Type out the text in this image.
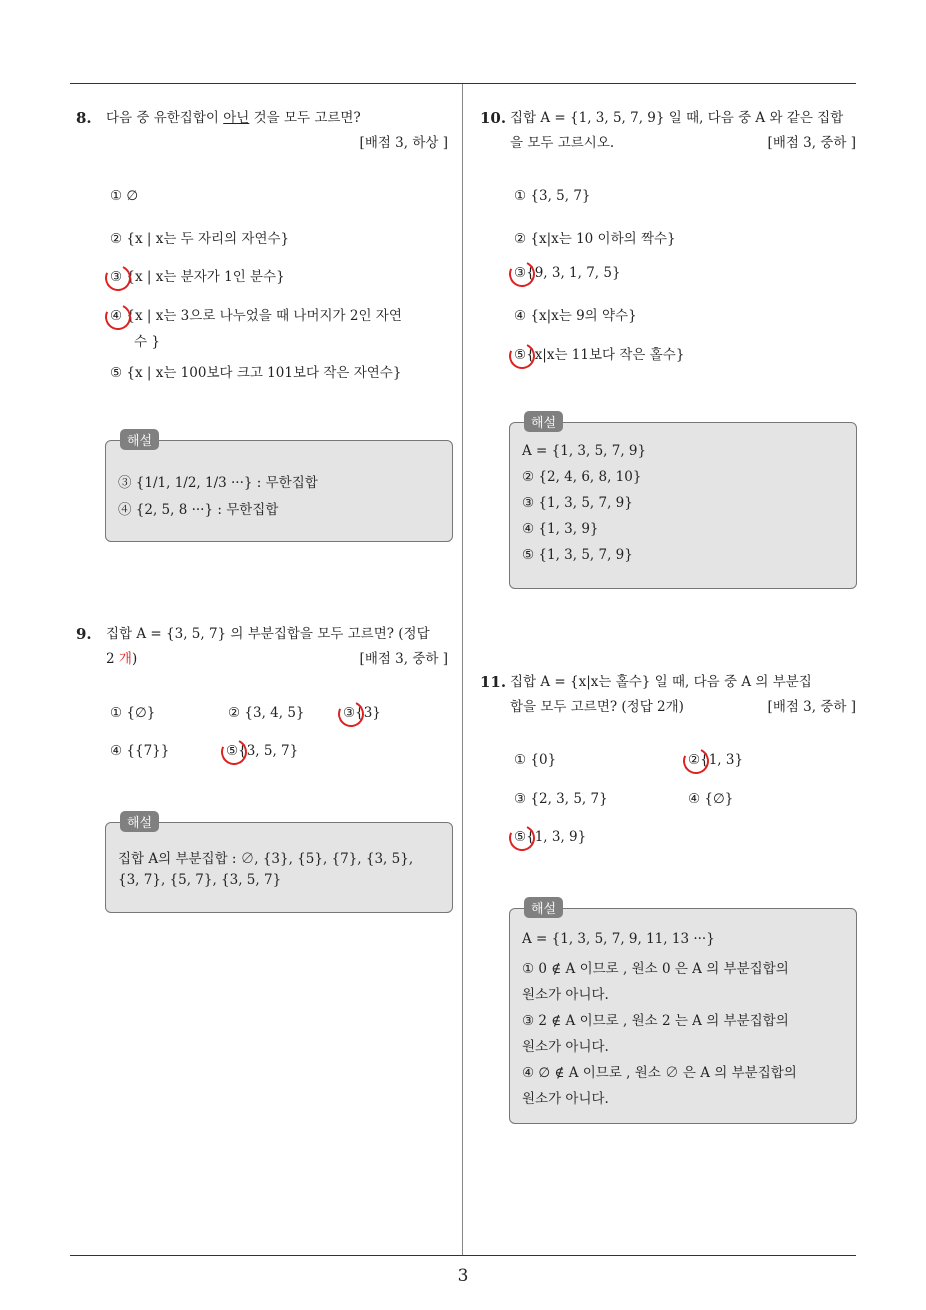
3
8.	다음 중 유한집합이 아닌 것을 모두 고르면?
[배점 3, 하상 ]
① ∅
② {x | x는 두 자리의 자연수}
③ {x | x는 분자가 1인 분수}
④ {x | x는 3으로 나누었을 때 나머지가 2인 자연
수 }
⑤ {x | x는 100보다 크고 101보다 작은 자연수}
해설
③ {1/1, 1/2, 1/3 ···} : 무한집합
④ {2, 5, 8 ···} : 무한집합
9.	집합 A = {3, 5, 7} 의 부분집합을 모두 고르면? (정답
2 개)	[배점 3, 중하 ]
① {∅}	② {3, 4, 5}	③{3}
④ {{7}}	⑤{3, 5, 7}
해설
집합 A의 부분집합 : ∅, {3}, {5}, {7}, {3, 5},
{3, 7}, {5, 7}, {3, 5, 7}
10. 집합 A = {1, 3, 5, 7, 9} 일 때, 다음 중 A 와 같은 집합
을 모두 고르시오.	[배점 3, 중하 ]
① {3, 5, 7}
② {x|x는 10 이하의 짝수}
③{9, 3, 1, 7, 5}
④ {x|x는 9의 약수}
⑤{x|x는 11보다 작은 홀수}
해설
A = {1, 3, 5, 7, 9}
② {2, 4, 6, 8, 10}
③ {1, 3, 5, 7, 9}
④ {1, 3, 9}
⑤ {1, 3, 5, 7, 9}
11. 집합 A = {x|x는 홀수} 일 때, 다음 중 A 의 부분집
합을 모두 고르면? (정답 2개)	[배점 3, 중하 ]
① {0}	②{1, 3}
③ {2, 3, 5, 7}	④ {∅}
⑤{1, 3, 9}
해설
A = {1, 3, 5, 7, 9, 11, 13 ···}
① 0 ∉ A 이므로 , 원소 0 은 A 의 부분집합의
원소가 아니다.
③ 2 ∉ A 이므로 , 원소 2 는 A 의 부분집합의
원소가 아니다.
④ ∅ ∉ A 이므로 , 원소 ∅ 은 A 의 부분집합의
원소가 아니다.
